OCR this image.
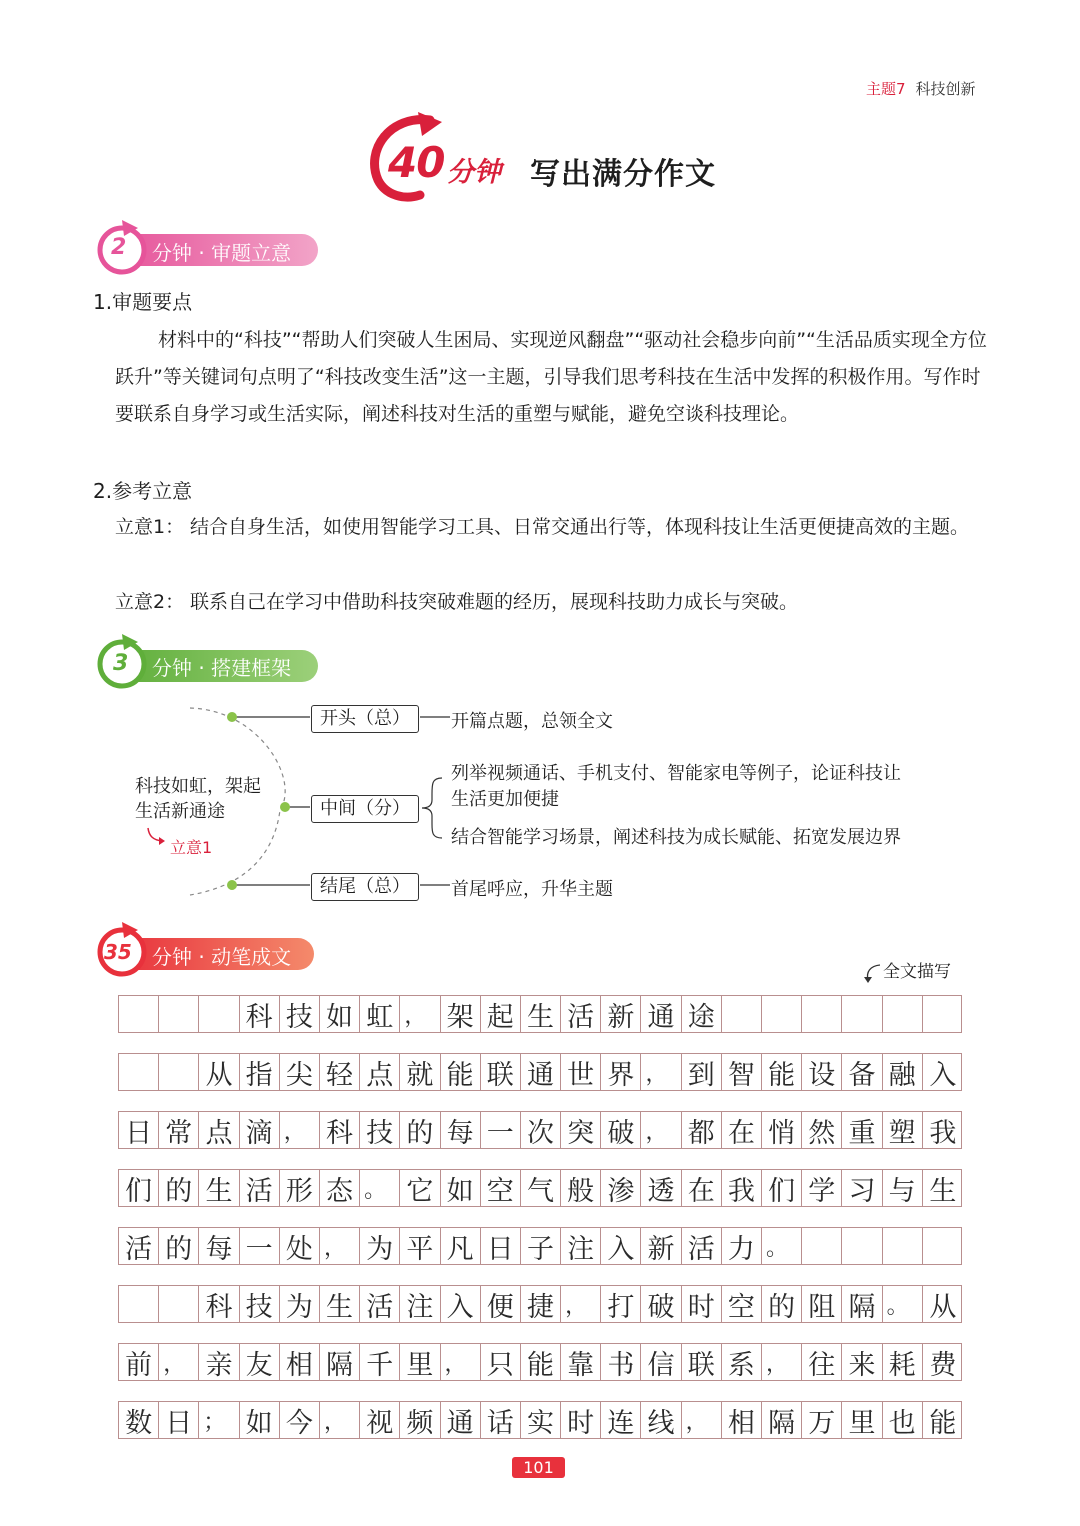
主题7 科技创新
40 分钟 写出满分作文
2 分钟 · 审题立意
1.审题要点
材料中的“科技”“帮助人们突破人生困局、实现逆风翻盘”“驱动社会稳步向前”“生活品质实现全方位跃升”等关键词句点明了“科技改变生活”这一主题，引导我们思考科技在生活中发挥的积极作用。写作时要联系自身学习或生活实际，阐述科技对生活的重塑与赋能，避免空谈科技理论。
2.参考立意
立意1： 结合自身生活，如使用智能学习工具、日常交通出行等，体现科技让生活更便捷高效的主题。
立意2： 联系自己在学习中借助科技突破难题的经历，展现科技助力成长与突破。
3 分钟 · 搭建框架
科技如虹，架起
生活新通途
立意1
开头（总）
中间（分）
结尾（总）
开篇点题，总领全文
列举视频通话、手机支付、智能家电等例子，论证科技让
生活更加便捷
结合智能学习场景，阐述科技为成长赋能、拓宽发展边界
首尾呼应，升华主题
35 分钟 · 动笔成文
全文描写
科 技 如 虹 ， 架 起 生 活 新 通 途
从 指 尖 轻 点 就 能 联 通 世 界 ， 到 智 能 设 备 融 入
日 常 点 滴 ， 科 技 的 每 一 次 突 破 ， 都 在 悄 然 重 塑 我
们 的 生 活 形 态 。 它 如 空 气 般 渗 透 在 我 们 学 习 与 生
活 的 每 一 处 ， 为 平 凡 日 子 注 入 新 活 力 。
科 技 为 生 活 注 入 便 捷 ， 打 破 时 空 的 阻 隔 。 从
前 ， 亲 友 相 隔 千 里 ， 只 能 靠 书 信 联 系 ， 往 来 耗 费
数 日 ； 如 今 ， 视 频 通 话 实 时 连 线 ， 相 隔 万 里 也 能
101
